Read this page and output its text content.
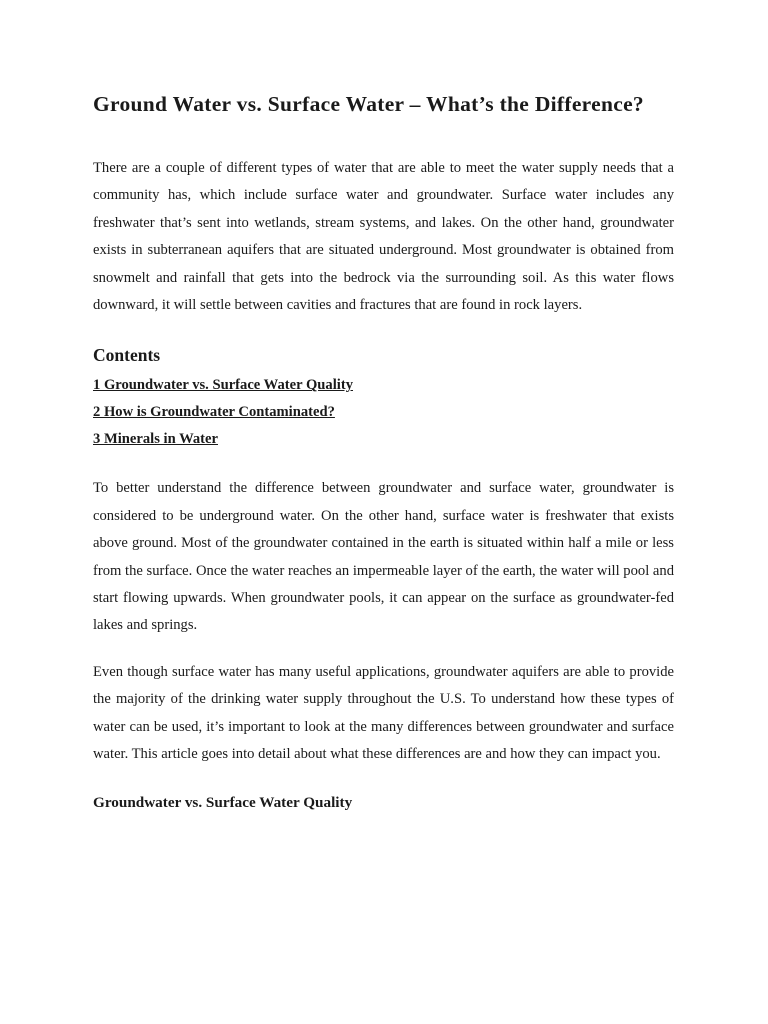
Ground Water vs. Surface Water – What’s the Difference?

There are a couple of different types of water that are able to meet the water supply needs that a community has, which include surface water and groundwater. Surface water includes any freshwater that’s sent into wetlands, stream systems, and lakes. On the other hand, groundwater exists in subterranean aquifers that are situated underground. Most groundwater is obtained from snowmelt and rainfall that gets into the bedrock via the surrounding soil. As this water flows downward, it will settle between cavities and fractures that are found in rock layers.

Contents
1 Groundwater vs. Surface Water Quality
2 How is Groundwater Contaminated?
3 Minerals in Water

To better understand the difference between groundwater and surface water, groundwater is considered to be underground water. On the other hand, surface water is freshwater that exists above ground. Most of the groundwater contained in the earth is situated within half a mile or less from the surface. Once the water reaches an impermeable layer of the earth, the water will pool and start flowing upwards. When groundwater pools, it can appear on the surface as groundwater-fed lakes and springs.

Even though surface water has many useful applications, groundwater aquifers are able to provide the majority of the drinking water supply throughout the U.S. To understand how these types of water can be used, it’s important to look at the many differences between groundwater and surface water. This article goes into detail about what these differences are and how they can impact you.

Groundwater vs. Surface Water Quality
